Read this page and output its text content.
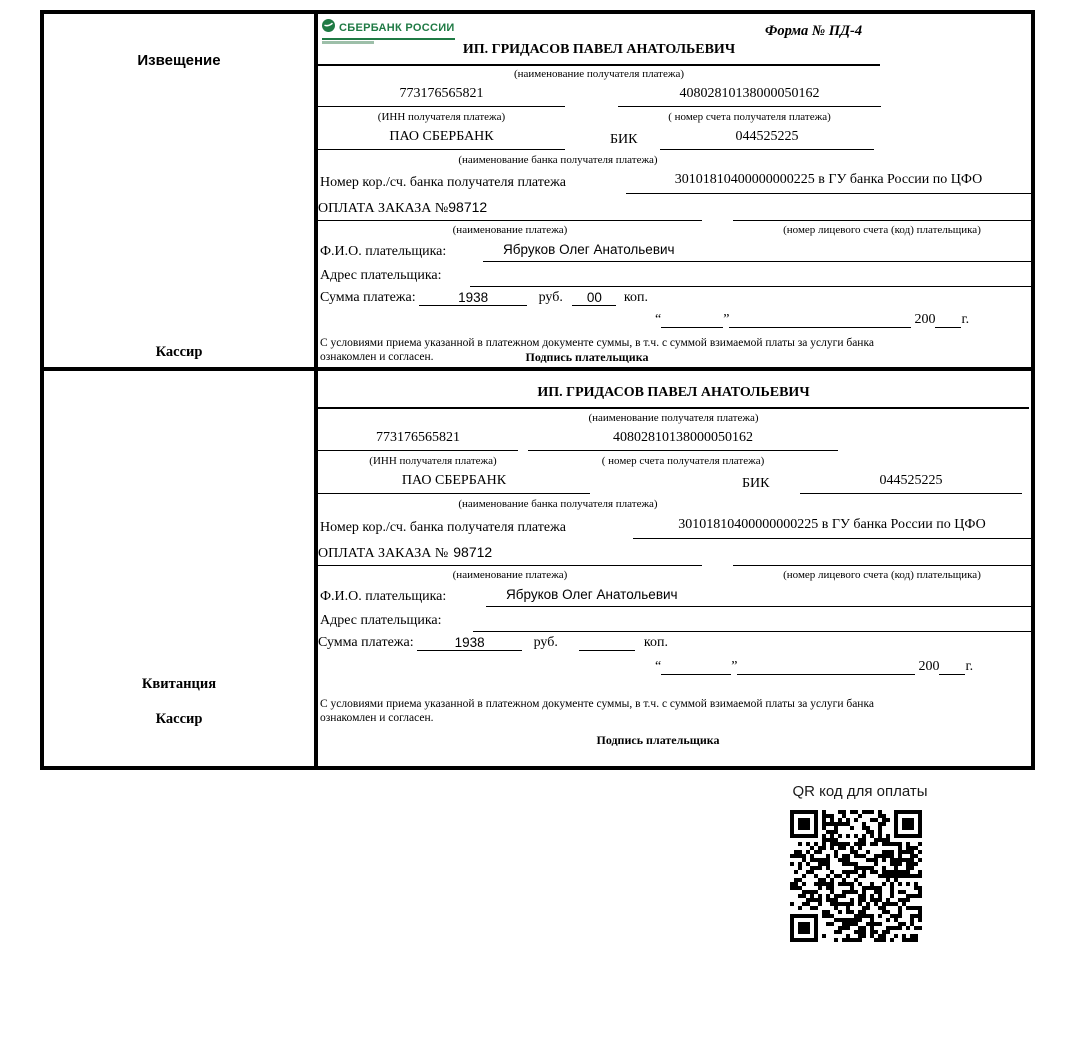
Извещение
Кассир
СБЕРБАНК РОССИИ	Форма № ПД-4
ИП. ГРИДАСОВ ПАВЕЛ АНАТОЛЬЕВИЧ
(наименование получателя платежа)
773176565821	40802810138000050162
(ИНН получателя платежа)	( номер счета получателя платежа)
ПАО СБЕРБАНК	БИК	044525225
(наименование банка получателя платежа)
Номер кор./сч. банка получателя платежа	30101810400000000225 в ГУ банка России по ЦФО
ОПЛАТА ЗАКАЗА №98712
(наименование платежа)	(номер лицевого счета (код) плательщика)
Ф.И.О. плательщика:	Ябруков Олег Анатольевич
Адрес плательщика:
Сумма платежа:	1938	руб. 00 коп.
“	”	200 г.
С условиями приема указанной в платежном документе суммы, в т.ч. с суммой взимаемой платы за услуги банка
ознакомлен и согласен.	Подпись плательщика
Квитанция
Кассир
ИП. ГРИДАСОВ ПАВЕЛ АНАТОЛЬЕВИЧ
(наименование получателя платежа)
773176565821	40802810138000050162
(ИНН получателя платежа)	( номер счета получателя платежа)
ПАО СБЕРБАНК	БИК	044525225
(наименование банка получателя платежа)
Номер кор./сч. банка получателя платежа	30101810400000000225 в ГУ банка России по ЦФО
ОПЛАТА ЗАКАЗА № 98712
(наименование платежа)	(номер лицевого счета (код) плательщика)
Ф.И.О. плательщика:	Ябруков Олег Анатольевич
Адрес плательщика:
Сумма платежа:	1938	руб.	коп.
“	”	200 г.
С условиями приема указанной в платежном документе суммы, в т.ч. с суммой взимаемой платы за услуги банка
ознакомлен и согласен.
Подпись плательщика
QR код для оплаты
